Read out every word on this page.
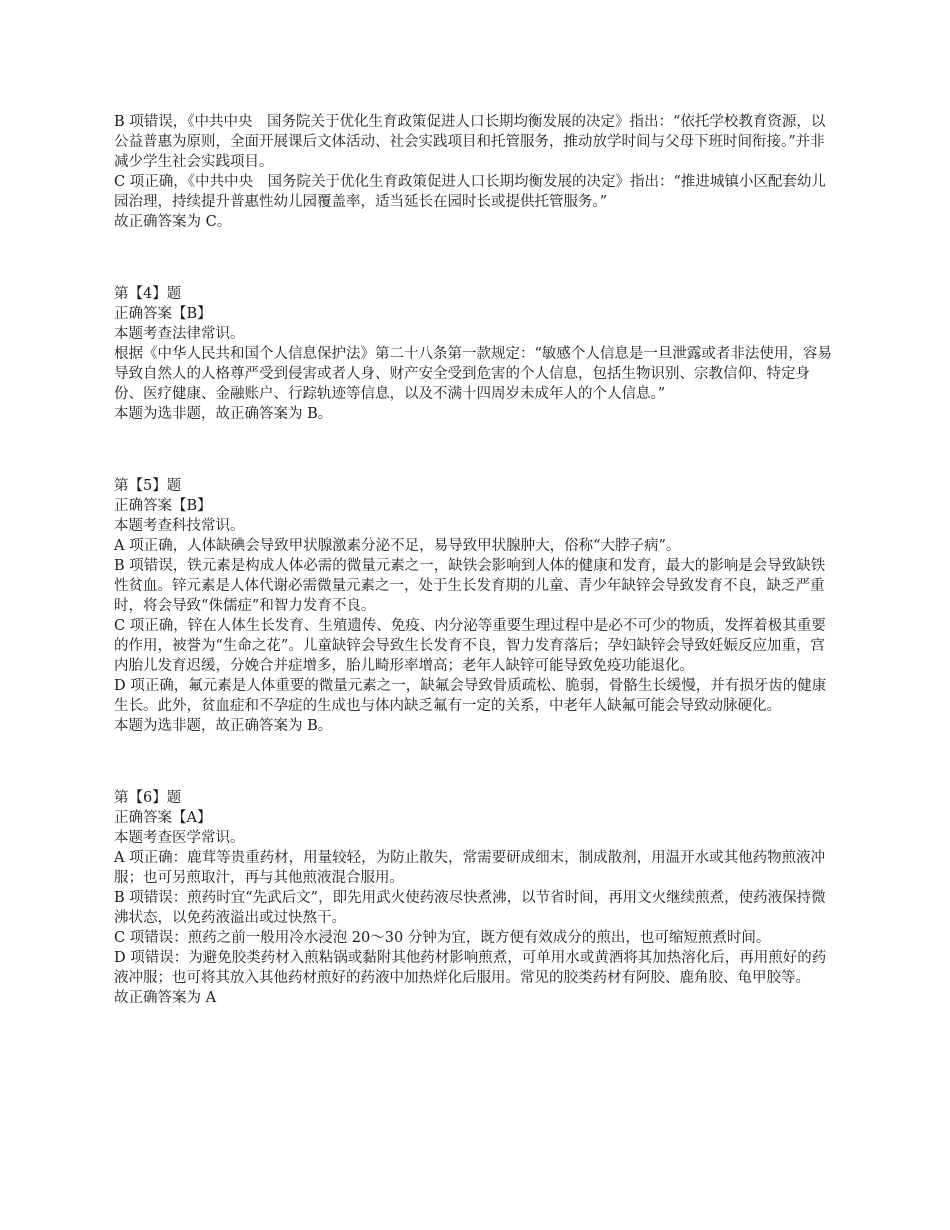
B 项错误，《中共中央　国务院关于优化生育政策促进人口长期均衡发展的决定》指出：“依托学校教育资源，以公益普惠为原则，全面开展课后文体活动、社会实践项目和托管服务，推动放学时间与父母下班时间衔接。”并非减少学生社会实践项目。

C 项正确，《中共中央　国务院关于优化生育政策促进人口长期均衡发展的决定》指出：“推进城镇小区配套幼儿园治理，持续提升普惠性幼儿园覆盖率，适当延长在园时长或提供托管服务。”

故正确答案为 C。

第【4】题

正确答案【B】

本题考查法律常识。

根据《中华人民共和国个人信息保护法》第二十八条第一款规定：“敏感个人信息是一旦泄露或者非法使用，容易导致自然人的人格尊严受到侵害或者人身、财产安全受到危害的个人信息，包括生物识别、宗教信仰、特定身份、医疗健康、金融账户、行踪轨迹等信息，以及不满十四周岁未成年人的个人信息。”

本题为选非题，故正确答案为 B。

第【5】题

正确答案【B】

本题考查科技常识。

A 项正确，人体缺碘会导致甲状腺激素分泌不足，易导致甲状腺肿大，俗称“大脖子病”。

B 项错误，铁元素是构成人体必需的微量元素之一，缺铁会影响到人体的健康和发育，最大的影响是会导致缺铁性贫血。锌元素是人体代谢必需微量元素之一，处于生长发育期的儿童、青少年缺锌会导致发育不良，缺乏严重时，将会导致“侏儒症”和智力发育不良。

C 项正确，锌在人体生长发育、生殖遗传、免疫、内分泌等重要生理过程中是必不可少的物质，发挥着极其重要的作用，被誉为“生命之花”。儿童缺锌会导致生长发育不良，智力发育落后；孕妇缺锌会导致妊娠反应加重，宫内胎儿发育迟缓，分娩合并症增多，胎儿畸形率增高；老年人缺锌可能导致免疫功能退化。

D 项正确，氟元素是人体重要的微量元素之一，缺氟会导致骨质疏松、脆弱，骨骼生长缓慢，并有损牙齿的健康生长。此外，贫血症和不孕症的生成也与体内缺乏氟有一定的关系，中老年人缺氟可能会导致动脉硬化。

本题为选非题，故正确答案为 B。

第【6】题

正确答案【A】

本题考查医学常识。

A 项正确：鹿茸等贵重药材，用量较轻，为防止散失，常需要研成细末，制成散剂，用温开水或其他药物煎液冲服；也可另煎取汁，再与其他煎液混合服用。

B 项错误：煎药时宜“先武后文”，即先用武火使药液尽快煮沸，以节省时间，再用文火继续煎煮，使药液保持微沸状态，以免药液溢出或过快熬干。

C 项错误：煎药之前一般用冷水浸泡 20～30 分钟为宜，既方便有效成分的煎出，也可缩短煎煮时间。

D 项错误：为避免胶类药材入煎粘锅或黏附其他药材影响煎煮，可单用水或黄酒将其加热溶化后，再用煎好的药液冲服；也可将其放入其他药材煎好的药液中加热烊化后服用。常见的胶类药材有阿胶、鹿角胶、龟甲胶等。

故正确答案为 A
